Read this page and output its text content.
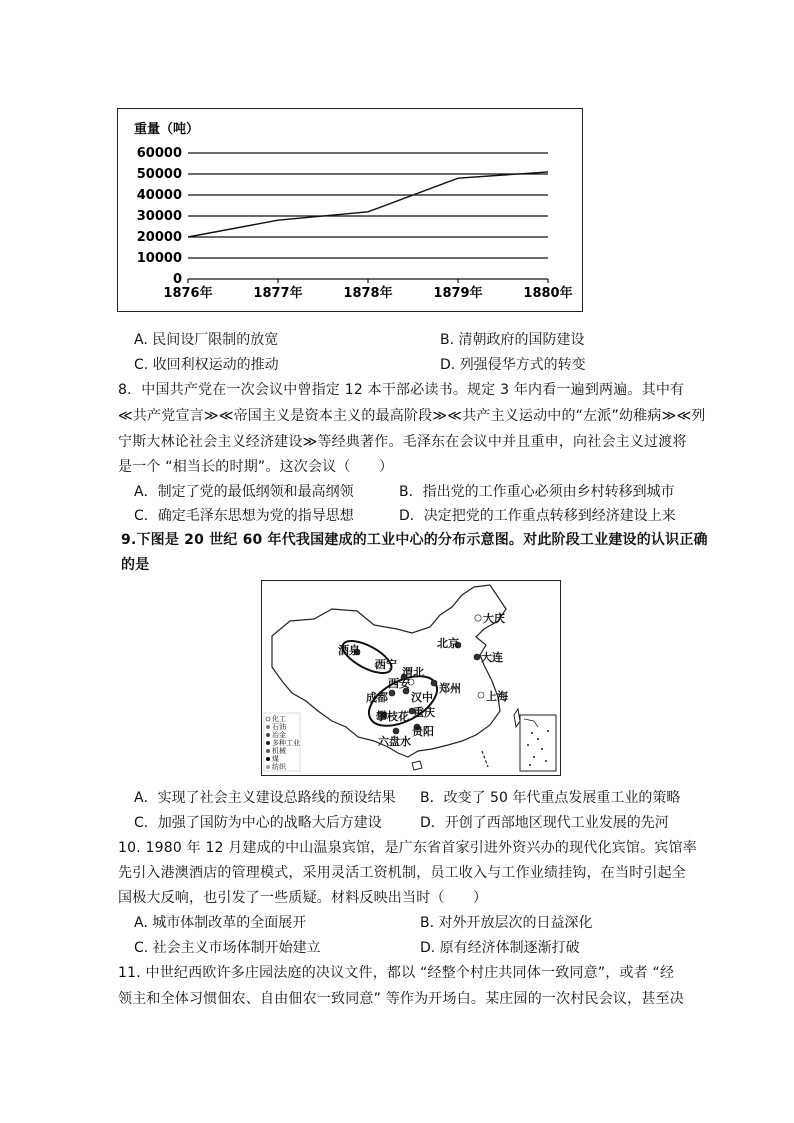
重量（吨）
60000
50000
40000
30000
20000
10000
0
1876年	1877年	1878年	1879年	1880年
A. 民间设厂限制的放宽	B. 清朝政府的国防建设
C. 收回利权运动的推动	D. 列强侵华方式的转变
8．中国共产党在一次会议中曾指定 12 本干部必读书。规定 3 年内看一遍到两遍。其中有
≪共产党宣言≫≪帝国主义是资本主义的最高阶段≫≪共产主义运动中的“左派”幼稚病≫≪列
宁斯大林论社会主义经济建设≫等经典著作。毛泽东在会议中并且重申，向社会主义过渡将
是一个 “相当长的时期”。这次会议（　　）
A．制定了党的最低纲领和最高纲领	B．指出党的工作重心必须由乡村转移到城市
C．确定毛泽东思想为党的指导思想	D．决定把党的工作重点转移到经济建设上来
9.下图是 20 世纪 60 年代我国建成的工业中心的分布示意图。对此阶段工业建设的认识正确
的是
大庆
北京
大连
酒泉
西宁
渭北
西安	郑州
成都 汉中	上海
攀枝花 重庆
贵阳
六盘水
化工
石油
冶金
多种工业
机械
煤
纺织
A．实现了社会主义建设总路线的预设结果 B．改变了 50 年代重点发展重工业的策略
C．加强了国防为中心的战略大后方建设	D．开创了西部地区现代工业发展的先河
10. 1980 年 12 月建成的中山温泉宾馆，是广东省首家引进外资兴办的现代化宾馆。宾馆率
先引入港澳酒店的管理模式，采用灵活工资机制，员工收入与工作业绩挂钩，在当时引起全
国极大反响，也引发了一些质疑。材料反映出当时（　　）
A. 城市体制改革的全面展开	B. 对外开放层次的日益深化
C. 社会主义市场体制开始建立	D. 原有经济体制逐渐打破
11. 中世纪西欧许多庄园法庭的决议文件，都以 “经整个村庄共同体一致同意”，或者 “经
领主和全体习惯佃农、自由佃农一致同意” 等作为开场白。某庄园的一次村民会议，甚至决
